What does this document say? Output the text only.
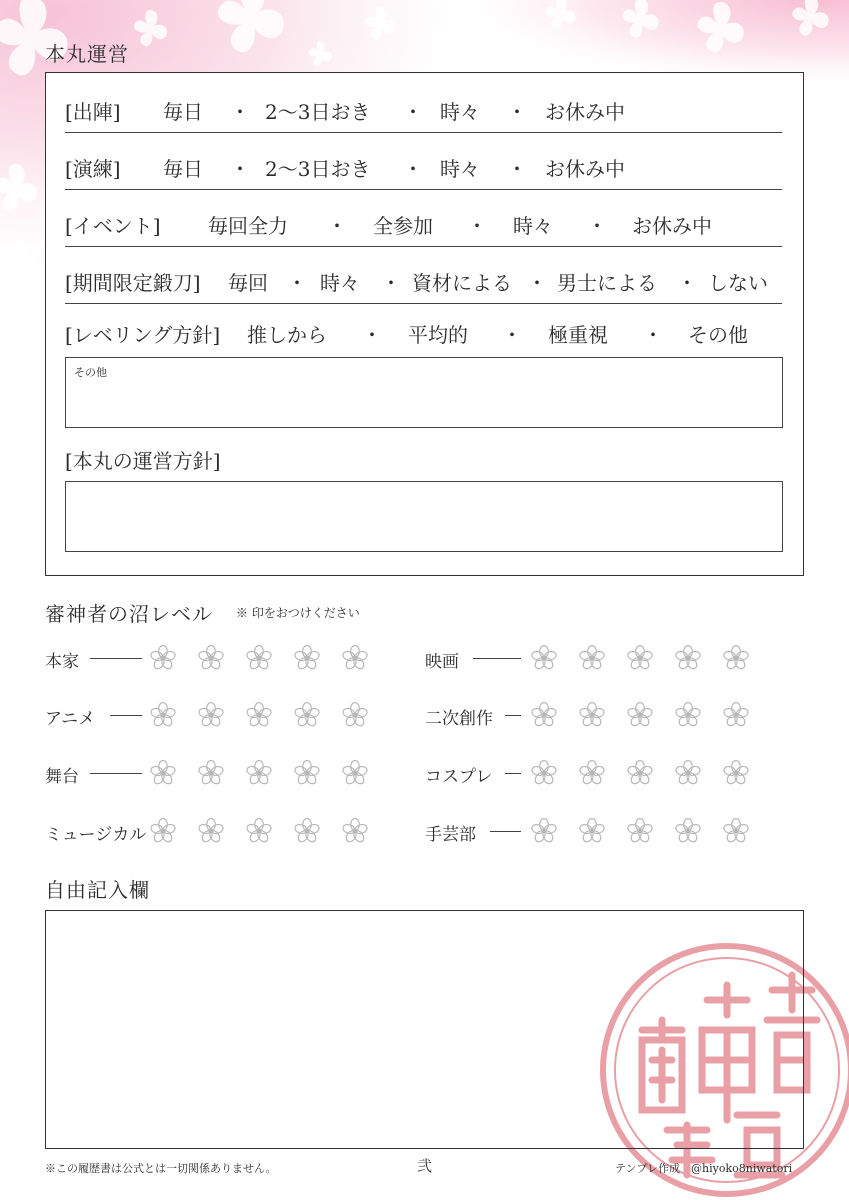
本丸運営
[出陣] 毎日 ・ 2～3日おき ・ 時々 ・ お休み中
[演練] 毎日 ・ 2～3日おき ・ 時々 ・ お休み中
[イベント] 毎回全力 ・ 全参加 ・ 時々 ・ お休み中
[期間限定鍛刀] 毎回 ・ 時々 ・ 資材による ・ 男士による ・ しない
[レベリング方針] 推しから ・ 平均的 ・ 極重視 ・ その他
その他
[本丸の運営方針]
審神者の沼レベル ※ 印をおつけください
本家
アニメ
舞台
ミュージカル
映画
二次創作
コスプレ
手芸部
自由記入欄
※この履歴書は公式とは一切関係ありません。	弐	テンプレ作成　@hiyoko8niwatori
